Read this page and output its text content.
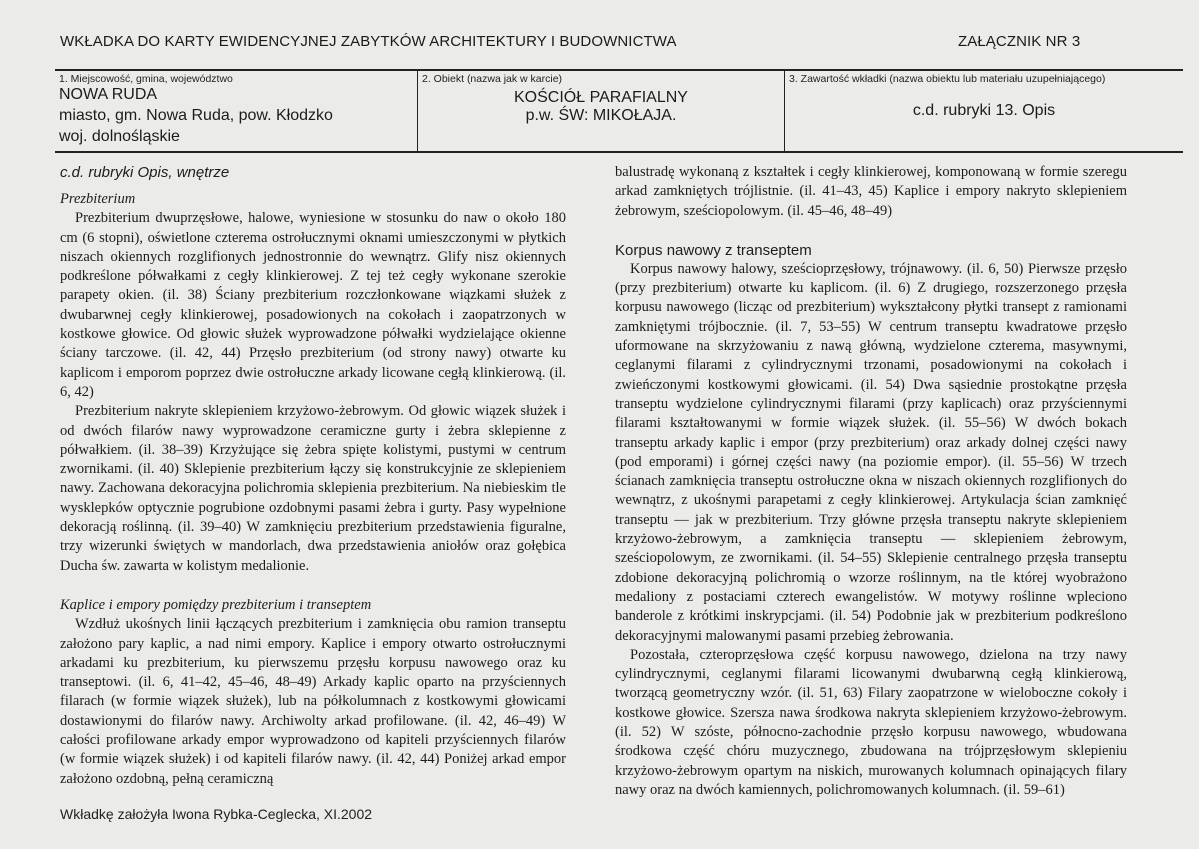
WKŁADKA DO KARTY EWIDENCYJNEJ ZABYTKÓW ARCHITEKTURY I BUDOWNICTWA	ZAŁĄCZNIK NR 3
1. Miejscowość, gmina, województwo
NOWA RUDA
miasto, gm. Nowa Ruda, pow. Kłodzko
woj. dolnośląskie
2. Obiekt (nazwa jak w karcie)
KOŚCIÓŁ PARAFIALNY
p.w. ŚW: MIKOŁAJA.
3. Zawartość wkładki (nazwa obiektu lub materiału uzupełniającego)
c.d. rubryki 13. Opis
c.d. rubryki Opis, wnętrze
Prezbiterium

Prezbiterium dwuprzęsłowe, halowe, wyniesione w stosunku do naw o około 180 cm (6 stopni), oświetlone czterema ostrołucznymi oknami umieszczonymi w płytkich niszach okiennych rozglifionych jednostronnie do wewnątrz. Glify nisz okiennych podkreślone półwałkami z cegły klinkierowej. Z tej też cegły wykonane szerokie parapety okien. (il. 38) Ściany prezbiterium rozczłonkowane wiązkami służek z dwubarwnej cegły klinkierowej, posadowionych na cokołach i zaopatrzonych w kostkowe głowice. Od głowic służek wyprowadzone półwałki wydzielające okienne ściany tarczowe. (il. 42, 44) Przęsło prezbiterium (od strony nawy) otwarte ku kaplicom i emporom poprzez dwie ostrołuczne arkady licowane cegłą klinkierową. (il. 6, 42)

Prezbiterium nakryte sklepieniem krzyżowo-żebrowym. Od głowic wiązek służek i od dwóch filarów nawy wyprowadzone ceramiczne gurty i żebra sklepienne z półwałkiem. (il. 38–39) Krzyżujące się żebra spięte kolistymi, pustymi w centrum zwornikami. (il. 40) Sklepienie prezbiterium łączy się konstrukcyjnie ze sklepieniem nawy. Zachowana dekoracyjna polichromia sklepienia prezbiterium. Na niebieskim tle wysklepków optycznie pogrubione ozdobnymi pasami żebra i gurty. Pasy wypełnione dekoracją roślinną. (il. 39–40) W zamknięciu prezbiterium przedstawienia figuralne, trzy wizerunki świętych w mandorlach, dwa przedstawienia aniołów oraz gołębica Ducha św. zawarta w kolistym medalionie.

Kaplice i empory pomiędzy prezbiterium i transeptem

Wzdłuż ukośnych linii łączących prezbiterium i zamknięcia obu ramion transeptu założono pary kaplic, a nad nimi empory. Kaplice i empory otwarto ostrołucznymi arkadami ku prezbiterium, ku pierwszemu przęsłu korpusu nawowego oraz ku transeptowi. (il. 6, 41–42, 45–46, 48–49) Arkady kaplic oparto na przyściennych filarach (w formie wiązek służek), lub na półkolumnach z kostkowymi głowicami dostawionymi do filarów nawy. Archiwolty arkad profilowane. (il. 42, 46–49) W całości profilowane arkady empor wyprowadzono od kapiteli przyściennych filarów (w formie wiązek służek) i od kapiteli filarów nawy. (il. 42, 44) Poniżej arkad empor założono ozdobną, pełną ceramiczną

balustradę wykonaną z kształtek i cegły klinkierowej, komponowaną w formie szeregu arkad zamkniętych trójlistnie. (il. 41–43, 45) Kaplice i empory nakryto sklepieniem żebrowym, sześciopolowym. (il. 45–46, 48–49)

Korpus nawowy z transeptem

Korpus nawowy halowy, sześcioprzęsłowy, trójnawowy. (il. 6, 50) Pierwsze przęsło (przy prezbiterium) otwarte ku kaplicom. (il. 6) Z drugiego, rozszerzonego przęsła korpusu nawowego (licząc od prezbiterium) wykształcony płytki transept z ramionami zamkniętymi trójbocznie. (il. 7, 53–55) W centrum transeptu kwadratowe przęsło uformowane na skrzyżowaniu z nawą główną, wydzielone czterema, masywnymi, ceglanymi filarami z cylindrycznymi trzonami, posadowionymi na cokołach i zwieńczonymi kostkowymi głowicami. (il. 54) Dwa sąsiednie prostokątne przęsła transeptu wydzielone cylindrycznymi filarami (przy kaplicach) oraz przyściennymi filarami kształtowanymi w formie wiązek służek. (il. 55–56) W dwóch bokach transeptu arkady kaplic i empor (przy prezbiterium) oraz arkady dolnej części nawy (pod emporami) i górnej części nawy (na poziomie empor). (il. 55–56) W trzech ścianach zamknięcia transeptu ostrołuczne okna w niszach okiennych rozglifionych do wewnątrz, z ukośnymi parapetami z cegły klinkierowej. Artykulacja ścian zamknięć transeptu — jak w prezbiterium. Trzy główne przęsła transeptu nakryte sklepieniem krzyżowo-żebrowym, a zamknięcia transeptu — sklepieniem żebrowym, sześciopolowym, ze zwornikami. (il. 54–55) Sklepienie centralnego przęsła transeptu zdobione dekoracyjną polichromią o wzorze roślinnym, na tle której wyobrażono medaliony z postaciami czterech ewangelistów. W motywy roślinne wpleciono banderole z krótkimi inskrypcjami. (il. 54) Podobnie jak w prezbiterium podkreślono dekoracyjnymi malowanymi pasami przebieg żebrowania.

Pozostała, czteroprzęsłowa część korpusu nawowego, dzielona na trzy nawy cylindrycznymi, ceglanymi filarami licowanymi dwubarwną cegłą klinkierową, tworzącą geometryczny wzór. (il. 51, 63) Filary zaopatrzone w wieloboczne cokoły i kostkowe głowice. Szersza nawa środkowa nakryta sklepieniem krzyżowo-żebrowym. (il. 52) W szóste, północno-zachodnie przęsło korpusu nawowego, wbudowana środkowa część chóru muzycznego, zbudowana na trójprzęsłowym sklepieniu krzyżowo-żebrowym opartym na niskich, murowanych kolumnach opinających filary nawy oraz na dwóch kamiennych, polichromowanych kolumnach. (il. 59–61)

Wkładkę założyła Iwona Rybka-Ceglecka, XI.2002
